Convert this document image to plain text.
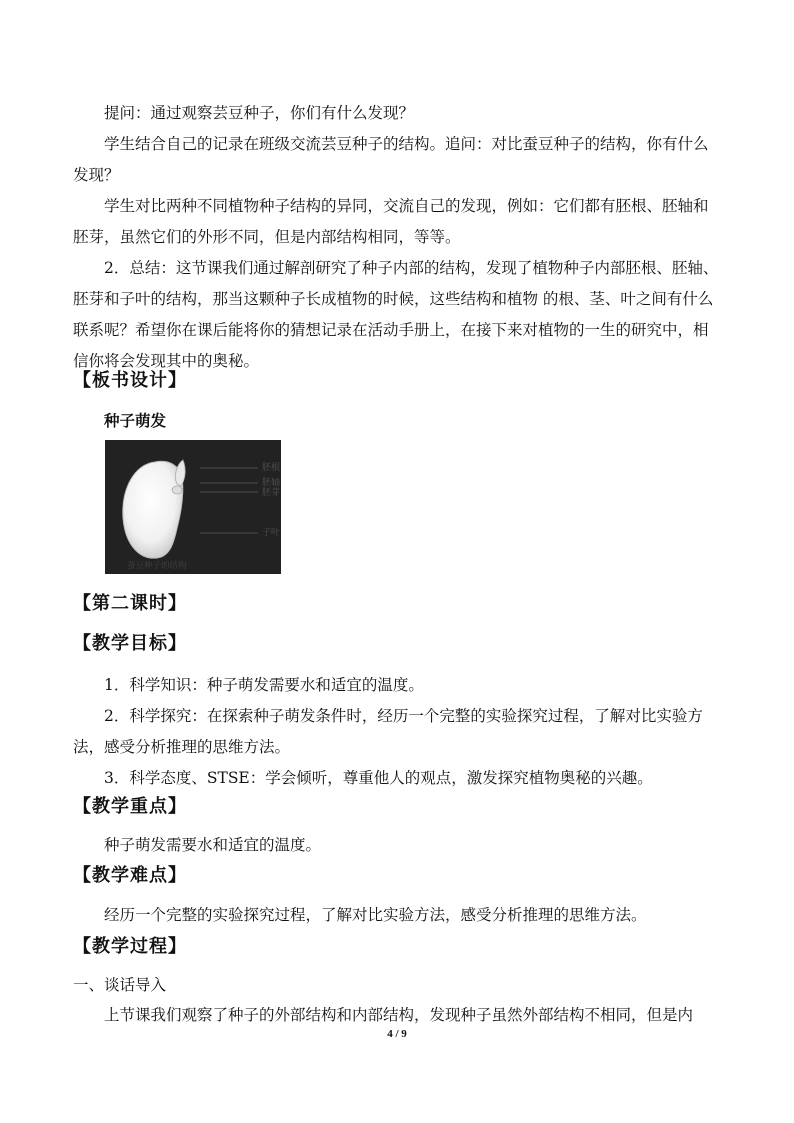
提问：通过观察芸豆种子，你们有什么发现？

学生结合自己的记录在班级交流芸豆种子的结构。追问：对比蚕豆种子的结构，你有什么发现？

学生对比两种不同植物种子结构的异同，交流自己的发现，例如：它们都有胚根、胚轴和胚芽，虽然它们的外形不同，但是内部结构相同，等等。

2．总结：这节课我们通过解剖研究了种子内部的结构，发现了植物种子内部胚根、胚轴、胚芽和子叶的结构，那当这颗种子长成植物的时候，这些结构和植物 的根、茎、叶之间有什么联系呢？希望你在课后能将你的猜想记录在活动手册上，在接下来对植物的一生的研究中，相信你将会发现其中的奥秘。

【板书设计】

种子萌发

胚根
胚轴
胚芽
子叶
蚕豆种子的结构

【第二课时】

【教学目标】

1．科学知识：种子萌发需要水和适宜的温度。

2．科学探究：在探索种子萌发条件时，经历一个完整的实验探究过程，了解对比实验方法，感受分析推理的思维方法。

3．科学态度、STSE：学会倾听，尊重他人的观点，激发探究植物奥秘的兴趣。

【教学重点】

种子萌发需要水和适宜的温度。

【教学难点】

经历一个完整的实验探究过程，了解对比实验方法，感受分析推理的思维方法。

【教学过程】

一、谈话导入

上节课我们观察了种子的外部结构和内部结构，发现种子虽然外部结构不相同，但是内

4 / 9
